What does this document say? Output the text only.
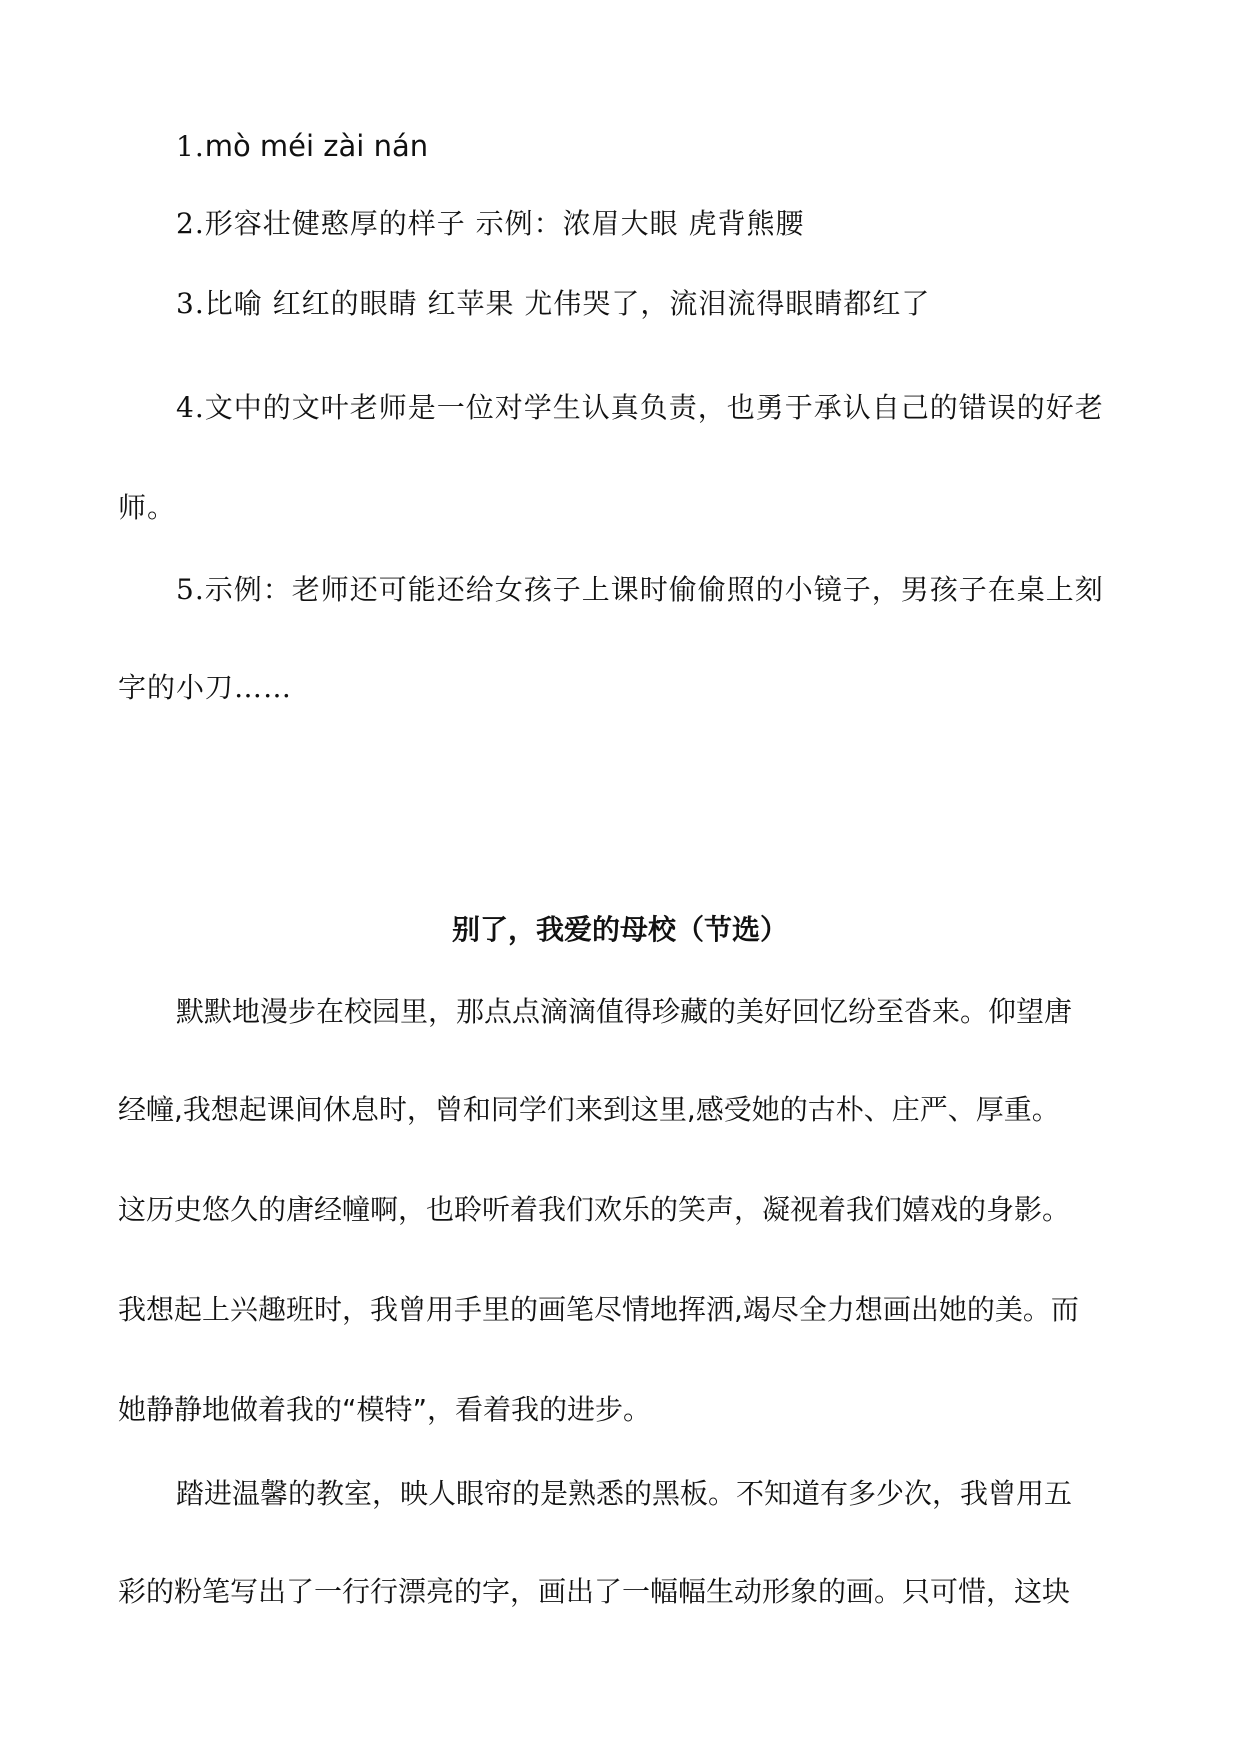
1.mò méi zài nán
2.形容壮健憨厚的样子 示例：浓眉大眼 虎背熊腰
3.比喻 红红的眼睛 红苹果 尤伟哭了，流泪流得眼睛都红了
4.文中的文叶老师是一位对学生认真负责，也勇于承认自己的错误的好老
师。
5.示例：老师还可能还给女孩子上课时偷偷照的小镜子，男孩子在桌上刻
字的小刀……
别了，我爱的母校（节选）
默默地漫步在校园里，那点点滴滴值得珍藏的美好回忆纷至沓来。仰望唐
经幢,我想起课间休息时，曾和同学们来到这里,感受她的古朴、庄严、厚重。
这历史悠久的唐经幢啊，也聆听着我们欢乐的笑声，凝视着我们嬉戏的身影。
我想起上兴趣班时，我曾用手里的画笔尽情地挥洒,竭尽全力想画出她的美。而
她静静地做着我的“模特”，看着我的进步。
踏进温馨的教室，映人眼帘的是熟悉的黑板。不知道有多少次，我曾用五
彩的粉笔写出了一行行漂亮的字，画出了一幅幅生动形象的画。只可惜，这块
